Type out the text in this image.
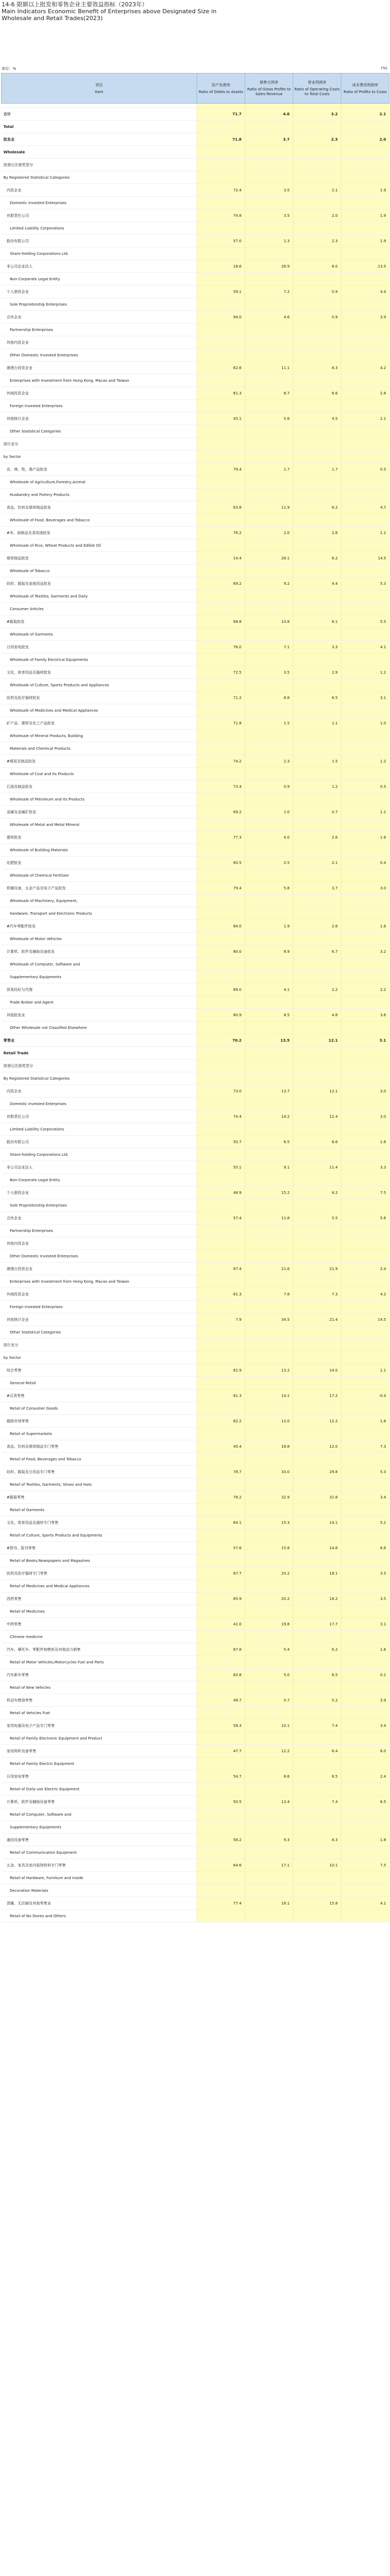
14-6 限额以上批发和零售企业主要效益指标（2023年）
Main Indicators Economic Benefit of Enterprises above Designated Size in
Wholesale and Retail Trades(2023)
单位：%	(%)
项目
Item	资产负债率
Ratio of Debts to Assets	销售毛利率
Ratio of Gross Profits to Sales Revenue	营业利润率
Ratio of Operating Costs to Total Costs	成本费用利润率
Ratio of Profits to Costs

合计	71.7	4.6	3.2	2.1
Total				
批发业	71.8	3.7	2.3	2.0
Wholesale				
按登记注册类型分				
By Registered Statistical Categories				
内资企业	72.4	3.5	2.1	1.9
Domestic Invested Enterprises				
有限责任公司	74.8	3.5	2.0	1.9
Limited Liability Corporations				
股份有限公司	57.0	1.3	2.3	1.9
Share-holding Corporations Ltd.				
非公司企业法人	18.6	26.9	6.0	13.5
Non-Corporate Legal Entity				
个人独资企业	59.1	7.2	0.9	4.4
Sole Proprietorship Enterprises				
合伙企业	94.0	4.6	0.9	3.9
Partnership Enterprises				
其他内资企业				
Other Domestic Invested Enterprises				
港澳台投资企业	62.6	11.1	8.3	4.2
Enterprises with Investment from Hong Kong, Macao and Taiwan				
外商投资企业	61.3	8.7	6.6	2.8
Foreign Invested Enterprises				
其他统计企业	45.1	5.6	4.5	1.1
Other Statistical Categories				
按行业分				
by Sector				
农、林、牧、渔产品批发	79.4	1.7	1.7	0.5
Wholesale of Agriculture,Forestry,Animal				
Husbandry and Fishery Products				
食品、饮料及烟草制品批发	63.8	11.9	6.2	4.7
Wholesale of Food, Beverages and Tobacco				
#米、面制品及食用油批发	76.2	2.0	2.6	1.1
Wholesale of Rice, Wheat Products and Edible Oil				
烟草制品批发	14.4	28.1	6.2	14.5
Wholesale of Tobacco				
纺织、服装及家庭用品批发	69.2	9.2	4.4	5.3
Wholesale of Textiles, Garments and Daily				
Consumer Articles				
#服装批发	68.8	10.8	6.1	5.5
Wholesale of Garments				
日用家电批发	76.0	7.1	3.3	4.1
Wholesale of Family Electrical Equipments				
文化、体育用品及器材批发	72.5	3.5	2.9	1.2
Wholesale of Culture, Sports Products and Appliances				
医药及医疗器材批发	71.2	8.8	6.5	3.1
Wholesale of Medicines and Medical Appliances				
矿产品、建材及化工产品批发	71.8	1.5	1.1	1.0
Wholesale of Mineral Products, Building				
Materials and Chemical Products				
#煤炭及制品批发	74.2	2.3	1.5	1.2
Wholesale of Coal and Its Products				
石油及制品批发	73.4	0.9	1.2	0.5
Wholesale of Petroleum and Its Products				
金属及金属矿批发	69.2	1.0	0.7	1.1
Wholesale of Metal and Metal Mineral				
建材批发	77.3	4.0	2.6	1.6
Wholesale of Building Materials				
化肥批发	60.5	2.5	2.1	0.4
Wholesale of Chemical Fertilizer				
机械设备、五金产品及电子产品批发	79.4	5.8	3.7	3.0
Wholesale of Machinery, Equipment,				
Hardware, Transport and Electronic Products				
#汽车零配件批发	84.0	1.9	2.6	1.6
Wholesale of Motor Vehicles				
计算机、软件及辅助设备批发	80.0	8.9	6.7	3.2
Wholesale of Computer, Software and				
Supplementary Equipments				
贸易经纪与代理	89.0	4.1	2.2	2.2
Trade Broker and Agent				
其他批发业	80.9	8.5	4.8	3.6
Other Wholesale not Classified Elsewhere				
零售业	70.2	13.5	12.1	3.1
Retail Trade				
按登记注册类型分				
By Registered Statistical Categories				
内资企业	73.0	13.7	12.1	3.0
Domestic Invested Enterprises				
有限责任公司	74.4	14.2	12.4	3.0
Limited Liability Corporations				
股份有限公司	50.7	6.5	6.6	1.6
Share-holding Corporations Ltd.				
非公司企业法人	55.1	9.1	11.4	3.3
Non-Corporate Legal Entity				
个人独资企业	48.9	15.2	8.2	7.5
Sole Proprietorship Enterprises				
合伙企业	57.4	11.8	5.5	5.6
Partnership Enterprises				
其他内资企业				
Other Domestic Invested Enterprises				
港澳台投资企业	67.4	21.6	21.9	2.4
Enterprises with Investment from Hong Kong, Macao and Taiwan				
外商投资企业	61.3	7.8	7.3	4.2
Foreign Invested Enterprises				
其他统计企业	7.9	34.5	21.4	14.5
Other Statistical Categories				
按行业分				
by Sector				
综合零售	81.9	13.2	14.0	1.1
General Retail				
#百货零售	81.3	14.1	17.2	-0.4
Retail of Consumer Goods				
超级市场零售	82.2	12.0	12.2	1.6
Retail of Supermarkets				
食品、饮料及烟草制品专门零售	45.4	18.8	12.0	7.3
Retail of Food, Beverages and Tobacco				
纺织、服装及日用品专门零售	78.7	33.0	29.8	5.3
Retail of Textiles, Garments, Shoes and Hats				
#服装零售	78.2	32.9	31.8	3.4
Retail of Garments				
文化、体育用品及器材专门零售	64.1	15.3	14.1	5.1
Retail of Culture, Sports Products and Equipments				
#图书、报刊零售	57.6	15.8	14.6	6.6
Retail of Books,Newspapers and Magazines				
医药及医疗器材专门零售	67.7	20.2	18.1	3.5
Retail of Medicines and Medical Appliances				
西药零售	65.9	20.2	18.2	3.5
Retail of Medicines				
中药零售	41.0	19.8	17.7	3.1
Chinese medicine				
汽车、摩托车、零配件和燃料及其他动力销售	67.8	5.4	6.2	1.6
Retail of Motor Vehicles,Motorcycles Fuel and Parts				
汽车新车零售	82.8	5.0	6.5	0.1
Retail of New Vehicles				
机动车燃油零售	49.7	5.7	5.2	3.9
Retail of Vehicles Fuel				
家用电器及电子产品专门零售	58.3	10.1	7.4	3.4
Retail of Family Electronic Equipment and Product				
家用视听设备零售	47.7	12.2	6.4	6.0
Retail of Family Electric Equipment				
日用家电零售	54.7	8.6	6.5	2.4
Retail of Daily-use Electric Equipment				
计算机、软件及辅助设备零售	50.5	13.4	7.4	6.5
Retail of Computer, Software and				
Supplementary Equipments				
通信设备零售	58.2	9.3	8.3	1.8
Retail of Communication Equipment				
五金、家具及室内装饰材料专门零售	64.6	17.1	10.1	7.5
Retail of Hardware, Furniture and Inside				
Decoration Materials				
货摊、无店铺及其他零售业	77.4	18.1	15.8	4.1
Retail of No Stores and Others				
